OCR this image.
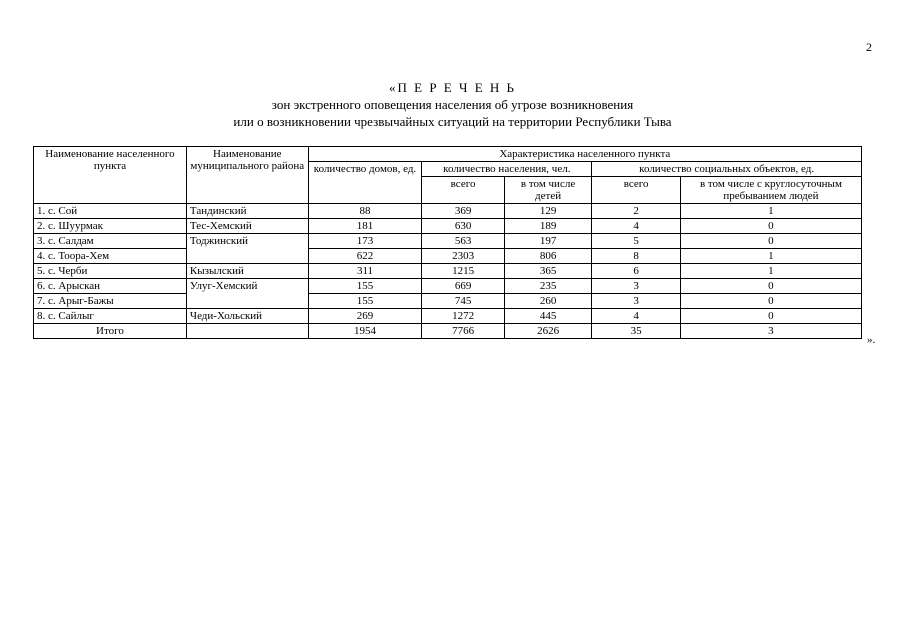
2
«П Е Р Е Ч Е Н Ь
зон экстренного оповещения населения об угрозе возникновения
или о возникновении чрезвычайных ситуаций на территории Республики Тыва
Наименование населенного пункта	Наименование муниципального района	Характеристика населенного пункта				
		количество домов, ед.	количество населения, чел.		количество социальных объектов, ед.	
			всего	в том числе детей	всего	в том числе с круглосуточным пребыванием людей
1. с. Сой	Тандинский	88	369	129	2	1
2. с. Шуурмак	Тес-Хемский	181	630	189	4	0
3. с. Салдам	Тоджинский	173	563	197	5	0
4. с. Тоора-Хем		622	2303	806	8	1
5. с. Черби	Кызылский	311	1215	365	6	1
6. с. Арыскан	Улуг-Хемский	155	669	235	3	0
7. с. Арыг-Бажы		155	745	260	3	0
8. с. Сайлыг	Чеди-Хольский	269	1272	445	4	0
Итого		1954	7766	2626	35	3
».
